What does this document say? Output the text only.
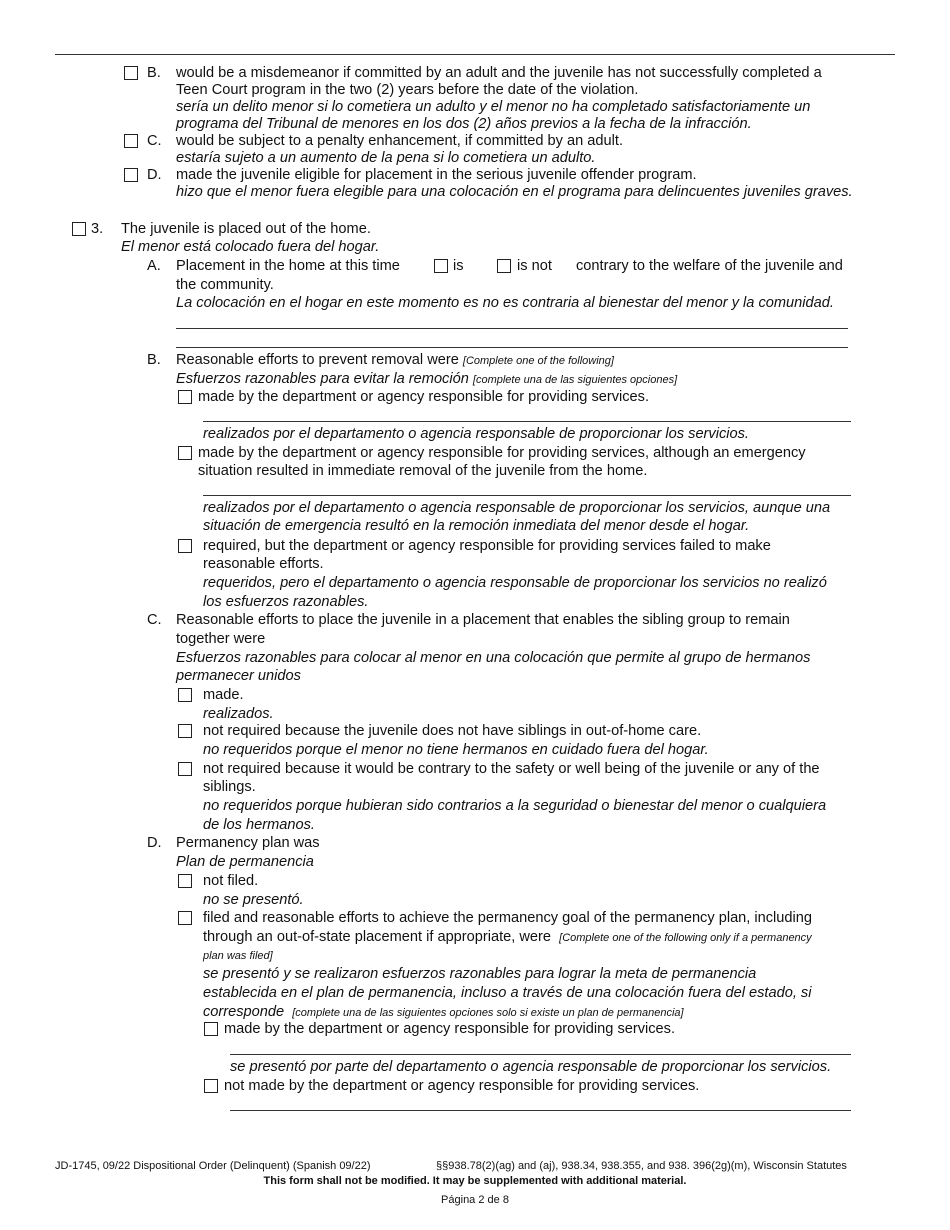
B. would be a misdemeanor if committed by an adult and the juvenile has not successfully completed a
Teen Court program in the two (2) years before the date of the violation.
sería un delito menor si lo cometiera un adulto y el menor no ha completado satisfactoriamente un
programa del Tribunal de menores en los dos (2) años previos a la fecha de la infracción.
C. would be subject to a penalty enhancement, if committed by an adult.
estaría sujeto a un aumento de la pena si lo cometiera un adulto.
D. made the juvenile eligible for placement in the serious juvenile offender program.
hizo que el menor fuera elegible para una colocación en el programa para delincuentes juveniles graves.
3. The juvenile is placed out of the home.
El menor está colocado fuera del hogar.
A. Placement in the home at this time	is	is not contrary to the welfare of the juvenile and
the community.
La colocación en el hogar en este momento es no es contraria al bienestar del menor y la comunidad.
B. Reasonable efforts to prevent removal were [Complete one of the following]
Esfuerzos razonables para evitar la remoción [complete una de las siguientes opciones]
made by the department or agency responsible for providing services.
realizados por el departamento o agencia responsable de proporcionar los servicios.
made by the department or agency responsible for providing services, although an emergency
situation resulted in immediate removal of the juvenile from the home.
realizados por el departamento o agencia responsable de proporcionar los servicios, aunque una
situación de emergencia resultó en la remoción inmediata del menor desde el hogar.
required, but the department or agency responsible for providing services failed to make
reasonable efforts.
requeridos, pero el departamento o agencia responsable de proporcionar los servicios no realizó
los esfuerzos razonables.
C. Reasonable efforts to place the juvenile in a placement that enables the sibling group to remain
together were
Esfuerzos razonables para colocar al menor en una colocación que permite al grupo de hermanos
permanecer unidos
made.
realizados.
not required because the juvenile does not have siblings in out-of-home care.
no requeridos porque el menor no tiene hermanos en cuidado fuera del hogar.
not required because it would be contrary to the safety or well being of the juvenile or any of the
siblings.
no requeridos porque hubieran sido contrarios a la seguridad o bienestar del menor o cualquiera
de los hermanos.
D. Permanency plan was
Plan de permanencia
not filed.
no se presentó.
filed and reasonable efforts to achieve the permanency goal of the permanency plan, including
through an out-of-state placement if appropriate, were [Complete one of the following only if a permanency
plan was filed]
se presentó y se realizaron esfuerzos razonables para lograr la meta de permanencia
establecida en el plan de permanencia, incluso a través de una colocación fuera del estado, si
corresponde [complete una de las siguientes opciones solo si existe un plan de permanencia]
made by the department or agency responsible for providing services.
se presentó por parte del departamento o agencia responsable de proporcionar los servicios.
not made by the department or agency responsible for providing services.
JD-1745, 09/22 Dispositional Order (Delinquent) (Spanish 09/22)	§§938.78(2)(ag) and (aj), 938.34, 938.355, and 938. 396(2g)(m), Wisconsin Statutes
This form shall not be modified. It may be supplemented with additional material.
Página 2 de 8
